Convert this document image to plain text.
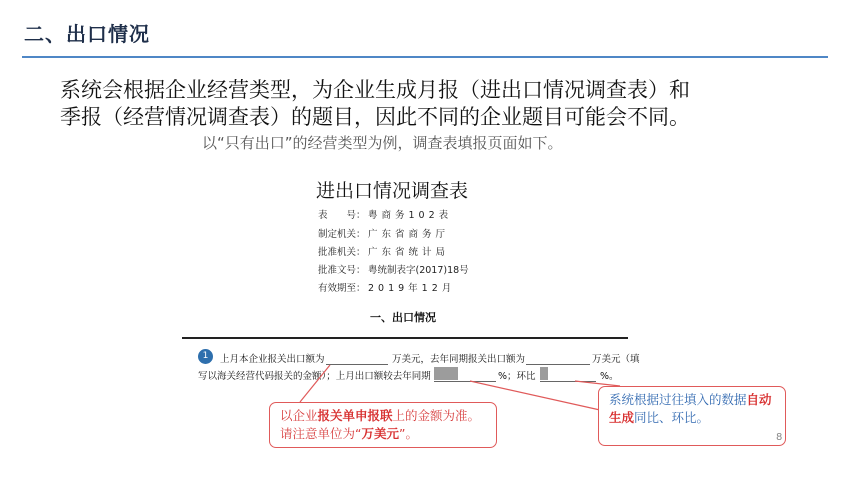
二、出口情况
系统会根据企业经营类型，为企业生成月报（进出口情况调查表）和
季报（经营情况调查表）的题目，因此不同的企业题目可能会不同。
以“只有出口”的经营类型为例，调查表填报页面如下。
进出口情况调查表
表　　号： 粤商务102表
制定机关： 广东省商务厅
批准机关： 广东省统计局
批准文号： 粤统制表字(2017)18号
有效期至： 2019年12月
一、出口情况
1	上月本企业报关出口额为	万美元，去年同期报关出口额为	万美元（填
写以海关经营代码报关的金额）；上月出口额较去年同期	%；环比	%。
以企业报关单申报联上的金额为准。请注意单位为“万美元”。
系统根据过往填入的数据自动生成同比、环比。
8
